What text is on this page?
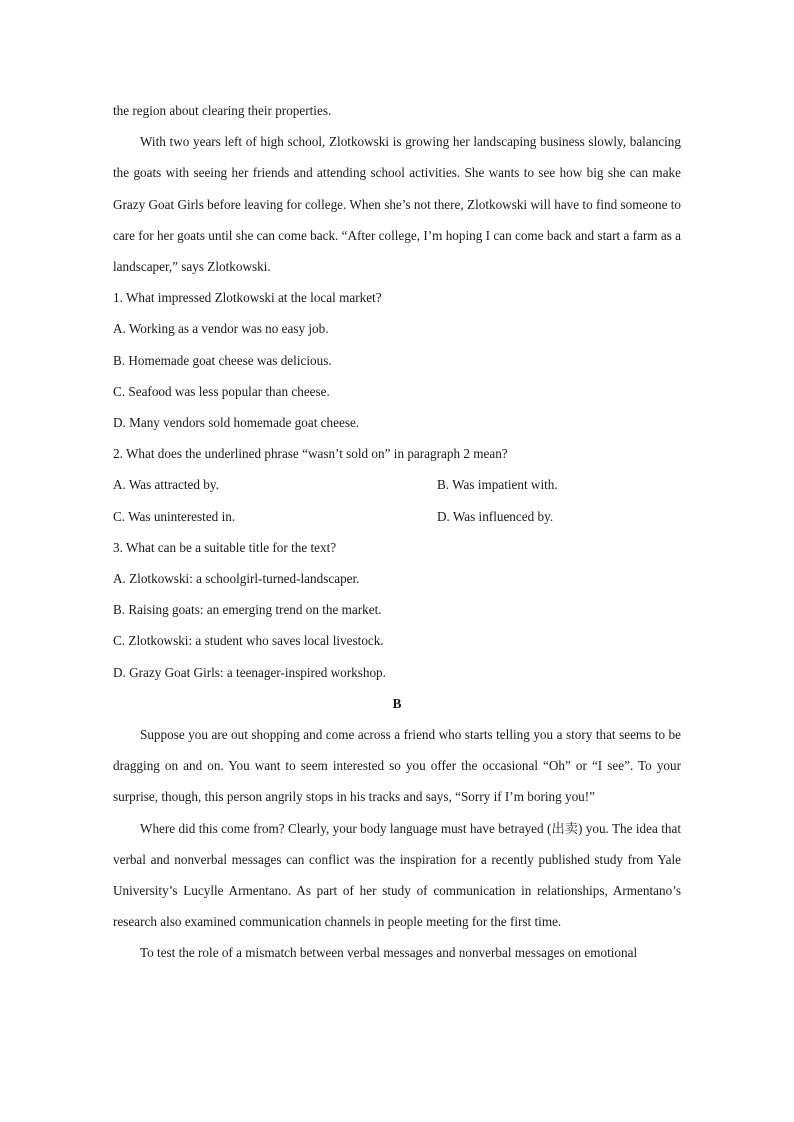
the region about clearing their properties.

With two years left of high school, Zlotkowski is growing her landscaping business slowly, balancing the goats with seeing her friends and attending school activities. She wants to see how big she can make Grazy Goat Girls before leaving for college. When she’s not there, Zlotkowski will have to find someone to care for her goats until she can come back. “After college, I’m hoping I can come back and start a farm as a landscaper,” says Zlotkowski.

1. What impressed Zlotkowski at the local market?

A. Working as a vendor was no easy job.

B. Homemade goat cheese was delicious.

C. Seafood was less popular than cheese.

D. Many vendors sold homemade goat cheese.

2. What does the underlined phrase “wasn’t sold on” in paragraph 2 mean?

A. Was attracted by.	B. Was impatient with.
C. Was uninterested in.	D. Was influenced by.

3. What can be a suitable title for the text?

A. Zlotkowski: a schoolgirl-turned-landscaper.

B. Raising goats: an emerging trend on the market.

C. Zlotkowski: a student who saves local livestock.

D. Grazy Goat Girls: a teenager-inspired workshop.

B

Suppose you are out shopping and come across a friend who starts telling you a story that seems to be dragging on and on. You want to seem interested so you offer the occasional “Oh” or “I see”. To your surprise, though, this person angrily stops in his tracks and says, “Sorry if I’m boring you!”

Where did this come from? Clearly, your body language must have betrayed (出卖) you. The idea that verbal and nonverbal messages can conflict was the inspiration for a recently published study from Yale University’s Lucylle Armentano. As part of her study of communication in relationships, Armentano’s research also examined communication channels in people meeting for the first time.

To test the role of a mismatch between verbal messages and nonverbal messages on emotional
